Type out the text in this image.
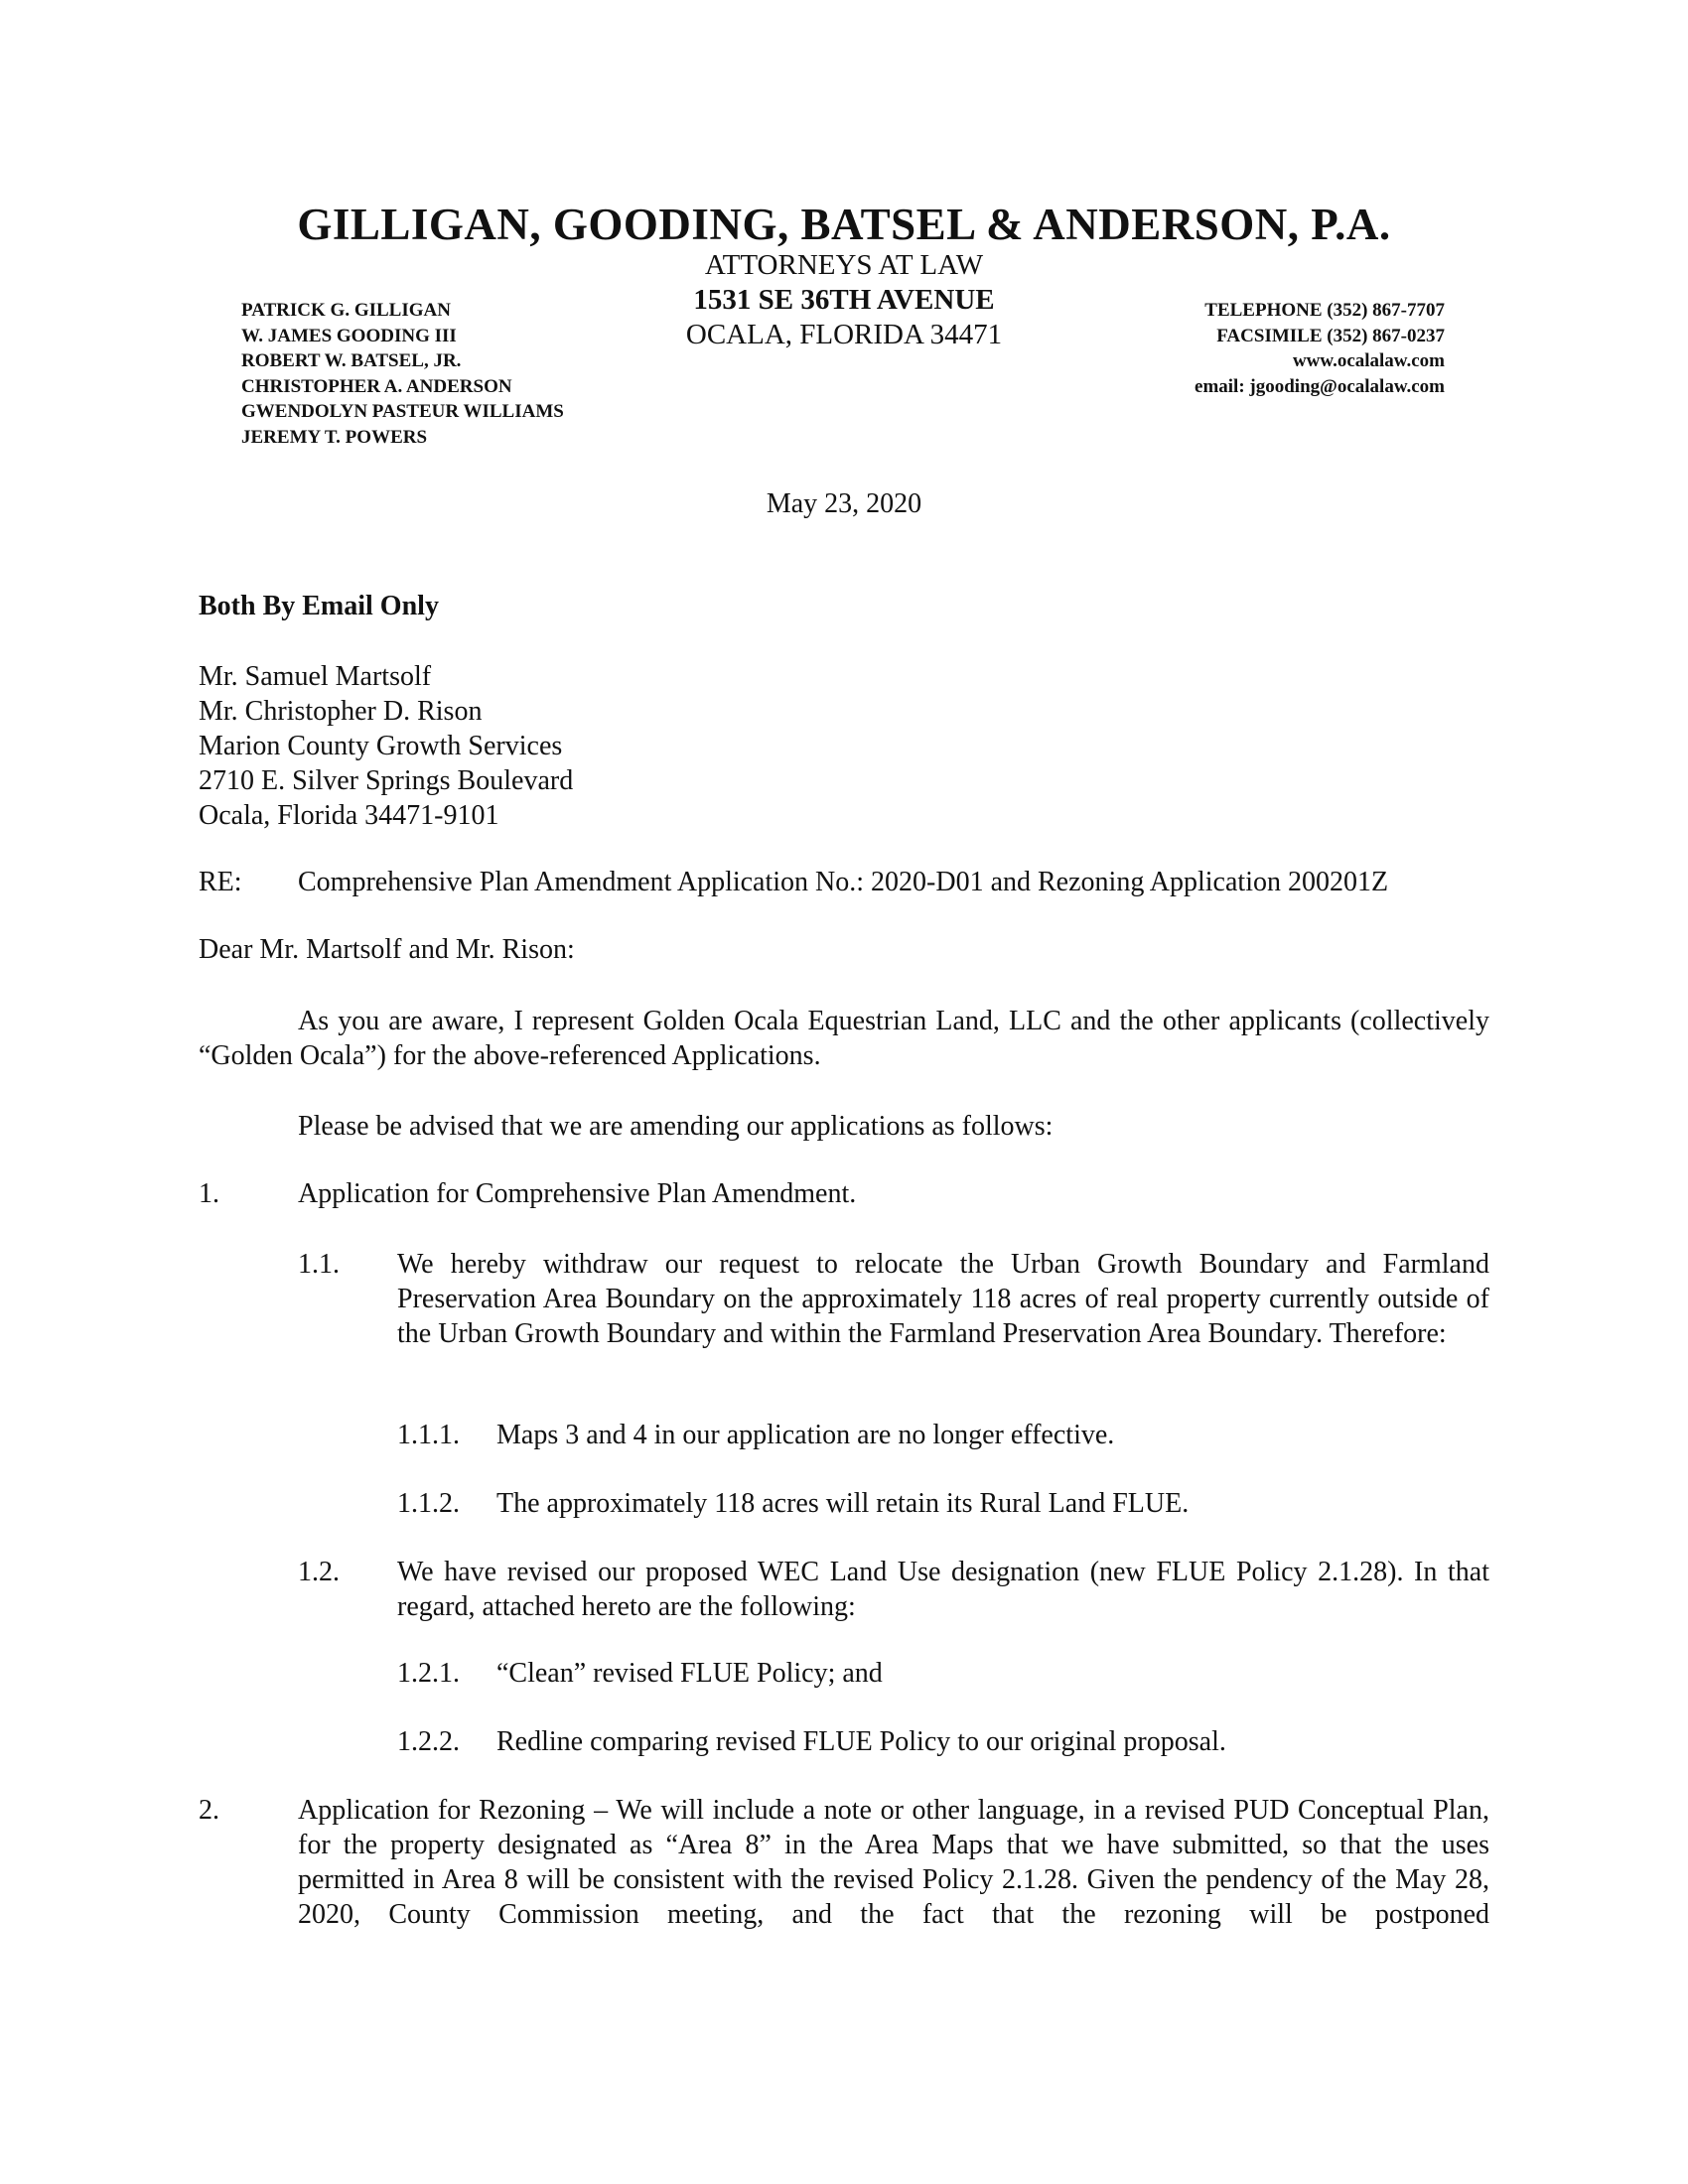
GILLIGAN, GOODING, BATSEL & ANDERSON, P.A.
ATTORNEYS AT LAW
1531 SE 36TH AVENUE
OCALA, FLORIDA 34471
PATRICK G. GILLIGAN
W. JAMES GOODING III
ROBERT W. BATSEL, JR.
CHRISTOPHER A. ANDERSON
GWENDOLYN PASTEUR WILLIAMS
JEREMY T. POWERS
TELEPHONE (352) 867-7707
FACSIMILE (352) 867-0237
www.ocalalaw.com
email: jgooding@ocalalaw.com
May 23, 2020
Both By Email Only
Mr. Samuel Martsolf
Mr. Christopher D. Rison
Marion County Growth Services
2710 E. Silver Springs Boulevard
Ocala, Florida 34471-9101
RE: Comprehensive Plan Amendment Application No.: 2020-D01 and Rezoning Application 200201Z
Dear Mr. Martsolf and Mr. Rison:
As you are aware, I represent Golden Ocala Equestrian Land, LLC and the other applicants (collectively “Golden Ocala”) for the above-referenced Applications.
Please be advised that we are amending our applications as follows:
1.	Application for Comprehensive Plan Amendment.
1.1. We hereby withdraw our request to relocate the Urban Growth Boundary and Farmland Preservation Area Boundary on the approximately 118 acres of real property currently outside of the Urban Growth Boundary and within the Farmland Preservation Area Boundary. Therefore:
1.1.1. Maps 3 and 4 in our application are no longer effective.
1.1.2. The approximately 118 acres will retain its Rural Land FLUE.
1.2. We have revised our proposed WEC Land Use designation (new FLUE Policy 2.1.28). In that regard, attached hereto are the following:
1.2.1. “Clean” revised FLUE Policy; and
1.2.2. Redline comparing revised FLUE Policy to our original proposal.
2.	Application for Rezoning – We will include a note or other language, in a revised PUD Conceptual Plan, for the property designated as “Area 8” in the Area Maps that we have submitted, so that the uses permitted in Area 8 will be consistent with the revised Policy 2.1.28. Given the pendency of the May 28, 2020, County Commission meeting, and the fact that the rezoning will be postponed
